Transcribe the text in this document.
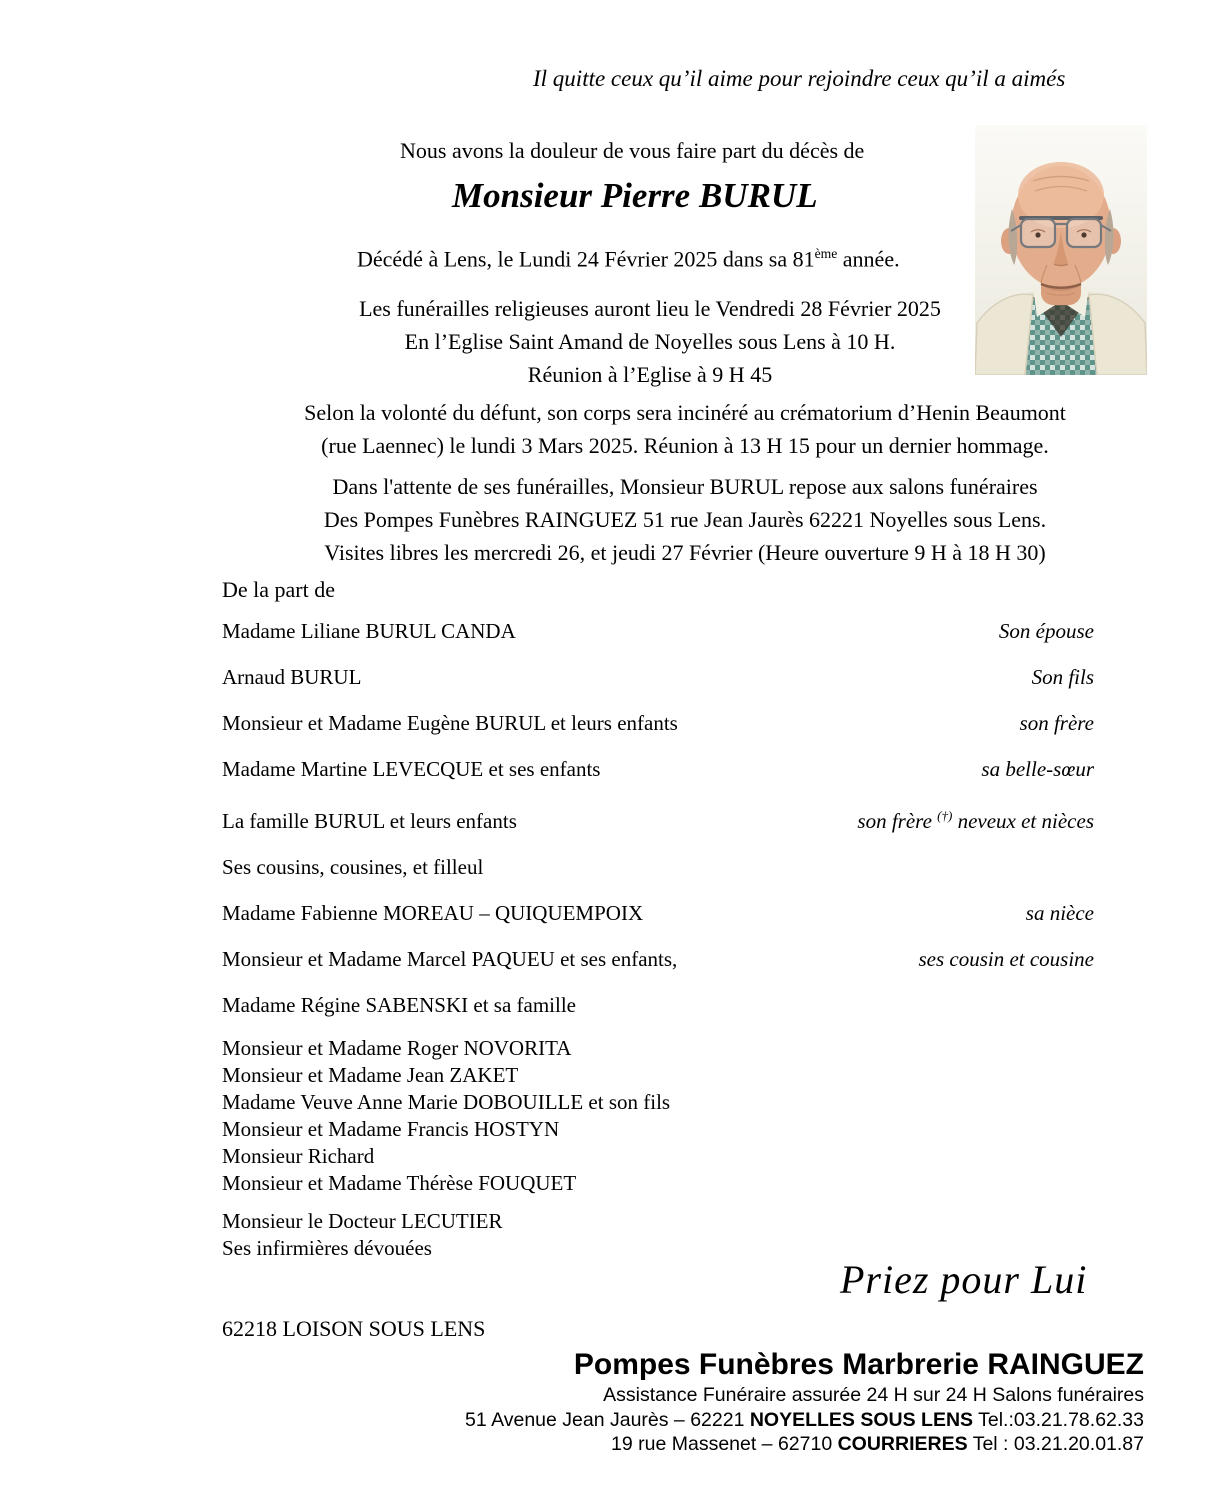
Il quitte ceux qu’il aime pour rejoindre ceux qu’il a aimés
Nous avons la douleur de vous faire part du décès de
Monsieur Pierre BURUL
Décédé à Lens, le Lundi 24 Février 2025 dans sa 81ème année.
Les funérailles religieuses auront lieu le Vendredi 28 Février 2025
En l’Eglise Saint Amand de Noyelles sous Lens à 10 H.
Réunion à l’Eglise à 9 H 45
Selon la volonté du défunt, son corps sera incinéré au crématorium d’Henin Beaumont
(rue Laennec) le lundi 3 Mars 2025. Réunion à 13 H 15 pour un dernier hommage.
Dans l'attente de ses funérailles, Monsieur BURUL repose aux salons funéraires
Des Pompes Funèbres RAINGUEZ 51 rue Jean Jaurès 62221 Noyelles sous Lens.
Visites libres les mercredi 26, et jeudi 27 Février (Heure ouverture 9 H à 18 H 30)
De la part de
Madame Liliane BURUL CANDA	Son épouse
Arnaud BURUL	Son fils
Monsieur et Madame Eugène BURUL et leurs enfants	son frère
Madame Martine LEVECQUE et ses enfants	sa belle-sœur
La famille BURUL et leurs enfants	son frère (†) neveux et nièces
Ses cousins, cousines, et filleul
Madame Fabienne MOREAU – QUIQUEMPOIX	sa nièce
Monsieur et Madame Marcel PAQUEU et ses enfants,	ses cousin et cousine
Madame Régine SABENSKI et sa famille
Monsieur et Madame Roger NOVORITA
Monsieur et Madame Jean ZAKET
Madame Veuve Anne Marie DOBOUILLE et son fils
Monsieur et Madame Francis HOSTYN
Monsieur Richard
Monsieur et Madame Thérèse FOUQUET
Monsieur le Docteur LECUTIER
Ses infirmières dévouées
Priez pour Lui
62218 LOISON SOUS LENS
Pompes Funèbres Marbrerie RAINGUEZ
Assistance Funéraire assurée 24 H sur 24 H Salons funéraires
51 Avenue Jean Jaurès – 62221 NOYELLES SOUS LENS Tel.:03.21.78.62.33
19 rue Massenet – 62710 COURRIERES Tel : 03.21.20.01.87
